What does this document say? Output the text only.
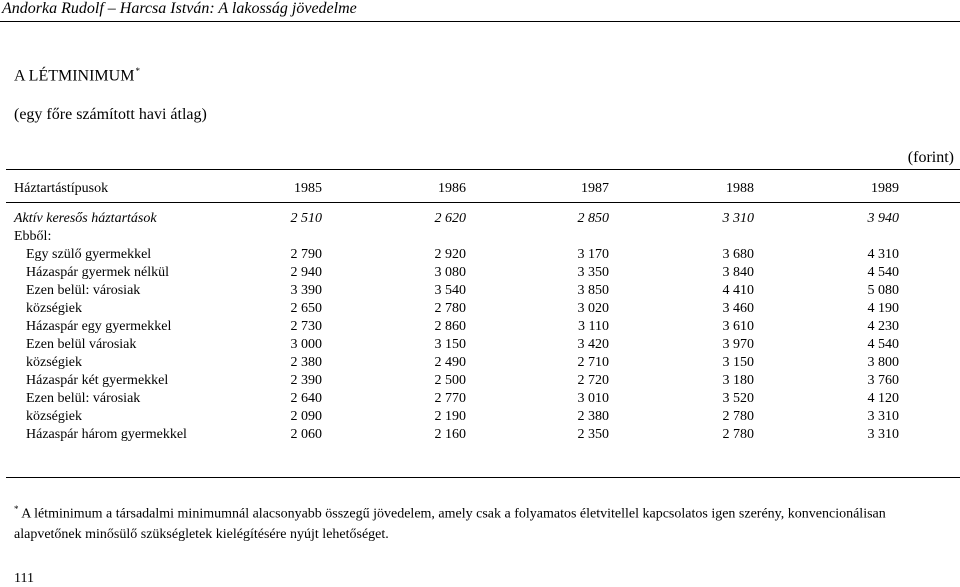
Andorka Rudolf – Harcsa István: A lakosság jövedelme
A LÉTMINIMUM*
(egy főre számított havi átlag)
(forint)
Háztartástípusok	1985	1986	1987	1988	1989	

Aktív keresős háztartások	2 510	2 620	2 850	3 310	3 940	
Ebből:						
Egy szülő gyermekkel	2 790	2 920	3 170	3 680	4 310	
Házaspár gyermek nélkül	2 940	3 080	3 350	3 840	4 540	
Ezen belül: városiak	3 390	3 540	3 850	4 410	5 080	
községiek	2 650	2 780	3 020	3 460	4 190	
Házaspár egy gyermekkel	2 730	2 860	3 110	3 610	4 230	
Ezen belül városiak	3 000	3 150	3 420	3 970	4 540	
községiek	2 380	2 490	2 710	3 150	3 800	
Házaspár két gyermekkel	2 390	2 500	2 720	3 180	3 760	
Ezen belül: városiak	2 640	2 770	3 010	3 520	4 120	
községiek	2 090	2 190	2 380	2 780	3 310	
Házaspár három gyermekkel	2 060	2 160	2 350	2 780	3 310	
* A létminimum a társadalmi minimumnál alacsonyabb összegű jövedelem, amely csak a folyamatos életvitellel kapcsolatos igen szerény, konvencionálisan alapvetőnek minősülő szükségletek kielégítésére nyújt lehetőséget.
111
